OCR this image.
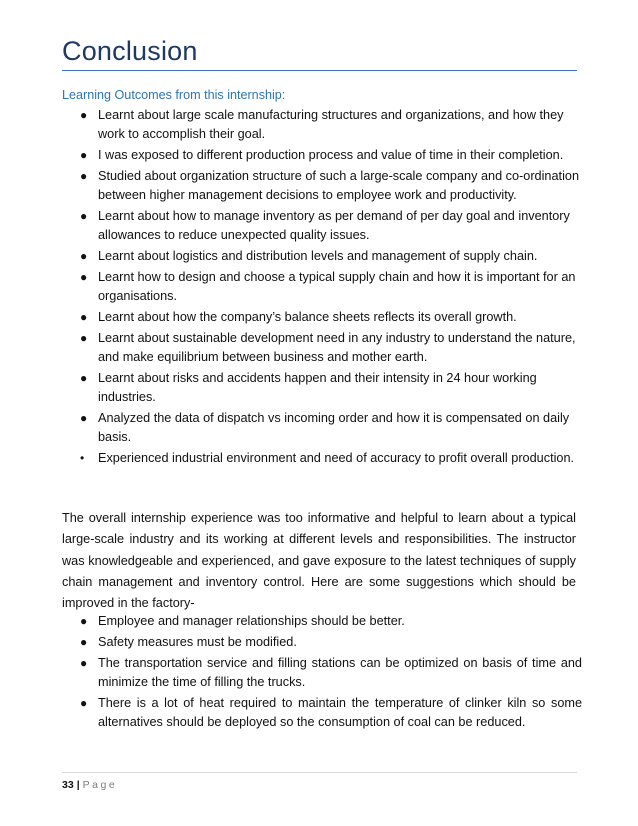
Conclusion
Learning Outcomes from this internship:
● Learnt about large scale manufacturing structures and organizations, and how they work to accomplish their goal.
● I was exposed to different production process and value of time in their completion.
● Studied about organization structure of such a large-scale company and co-ordination between higher management decisions to employee work and productivity.
● Learnt about how to manage inventory as per demand of per day goal and inventory allowances to reduce unexpected quality issues.
● Learnt about logistics and distribution levels and management of supply chain.
● Learnt how to design and choose a typical supply chain and how it is important for an organisations.
● Learnt about how the company’s balance sheets reflects its overall growth.
● Learnt about sustainable development need in any industry to understand the nature, and make equilibrium between business and mother earth.
● Learnt about risks and accidents happen and their intensity in 24 hour working industries.
● Analyzed the data of dispatch vs incoming order and how it is compensated on daily basis.
• Experienced industrial environment and need of accuracy to profit overall production.

The overall internship experience was too informative and helpful to learn about a typical large-scale industry and its working at different levels and responsibilities. The instructor was knowledgeable and experienced, and gave exposure to the latest techniques of supply chain management and inventory control. Here are some suggestions which should be improved in the factory-

● Employee and manager relationships should be better.
● Safety measures must be modified.
● The transportation service and filling stations can be optimized on basis of time and minimize the time of filling the trucks.
● There is a lot of heat required to maintain the temperature of clinker kiln so some alternatives should be deployed so the consumption of coal can be reduced.
33 | Page
